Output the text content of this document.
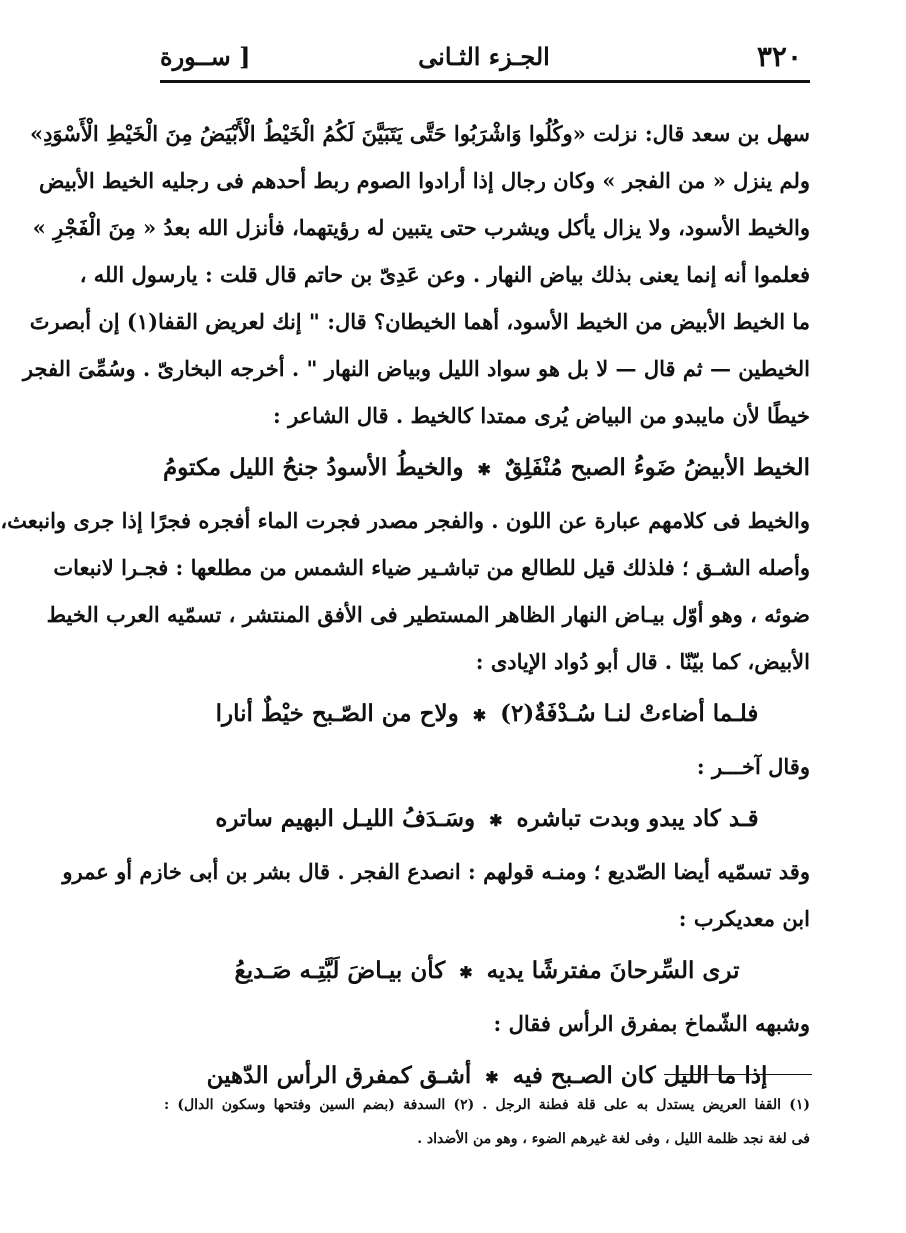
٣٢٠
الجـزء الثـانى
[ ســورة
سهل بن سعد قال: نزلت «وكُلُوا وَاشْرَبُوا حَتَّى يَتَبَيَّنَ لَكُمُ الْخَيْطُ الْأَبْيَضُ مِنَ الْخَيْطِ الْأَسْوَدِ»
ولم ينزل « من الفجر » وكان رجال إذا أرادوا الصوم ربط أحدهم فى رجليه الخيط الأبيض
والخيط الأسود، ولا يزال يأكل ويشرب حتى يتبين له رؤيتهما، فأنزل الله بعدُ « مِنَ الْفَجْرِ »
فعلموا أنه إنما يعنى بذلك بياض النهار . وعن عَدِىّ بن حاتم قال قلت : يارسول الله ،
ما الخيط الأبيض من الخيط الأسود، أهما الخيطان؟ قال: " إنك لعريض القفا(١) إن أبصرتَ
الخيطين — ثم قال — لا بل هو سواد الليل وبياض النهار " . أخرجه البخارىّ . وسُمِّىَ الفجر
خيطًا لأن مايبدو من البياض يُرى ممتدا كالخيط . قال الشاعر :
الخيط الأبيضُ ضَوءُ الصبح مُنْفَلِقٌ✱والخيطُ الأسودُ جنحُ الليل مكتومُ
والخيط فى كلامهم عبارة عن اللون . والفجر مصدر فجرت الماء أفجره فجرًا إذا جرى وانبعث،
وأصله الشـق ؛ فلذلك قيل للطالع من تباشـير ضياء الشمس من مطلعها : فجـرا لانبعات
ضوئه ، وهو أوّل بيـاض النهار الظاهر المستطير فى الأفق المنتشر ، تسمّيه العرب الخيط
الأبيض، كما بيّنّا . قال أبو دُواد الإيادى :
فلـما أضاءتْ لنـا سُـدْفَةٌ(٢)✱ولاح من الصّـبح خيْطٌ أنارا
وقال آخـــر :
قـد كاد يبدو وبدت تباشره✱وسَـدَفُ الليـل البهيم ساتره
وقد تسمّيه أيضا الصّديع ؛ ومنـه قولهم : انصدع الفجر . قال بشر بن أبى خازم أو عمرو
ابن معديكرب :
ترى السِّرحانَ مفترشًا يديه✱كأن بيـاضَ لَبَّتِـه صَـديعُ
وشبهه الشّماخ بمفرق الرأس فقال :
إذا ما الليل كان الصـبح فيه✱أشـق كمفرق الرأس الدّهين
(١) القفا العريض يستدل به على قلة فطنة الرجل . (٢) السدفة (بضم السين وفتحها وسكون الدال) :
فى لغة نجد ظلمة الليل ، وفى لغة غيرهم الضوء ، وهو من الأضداد .
